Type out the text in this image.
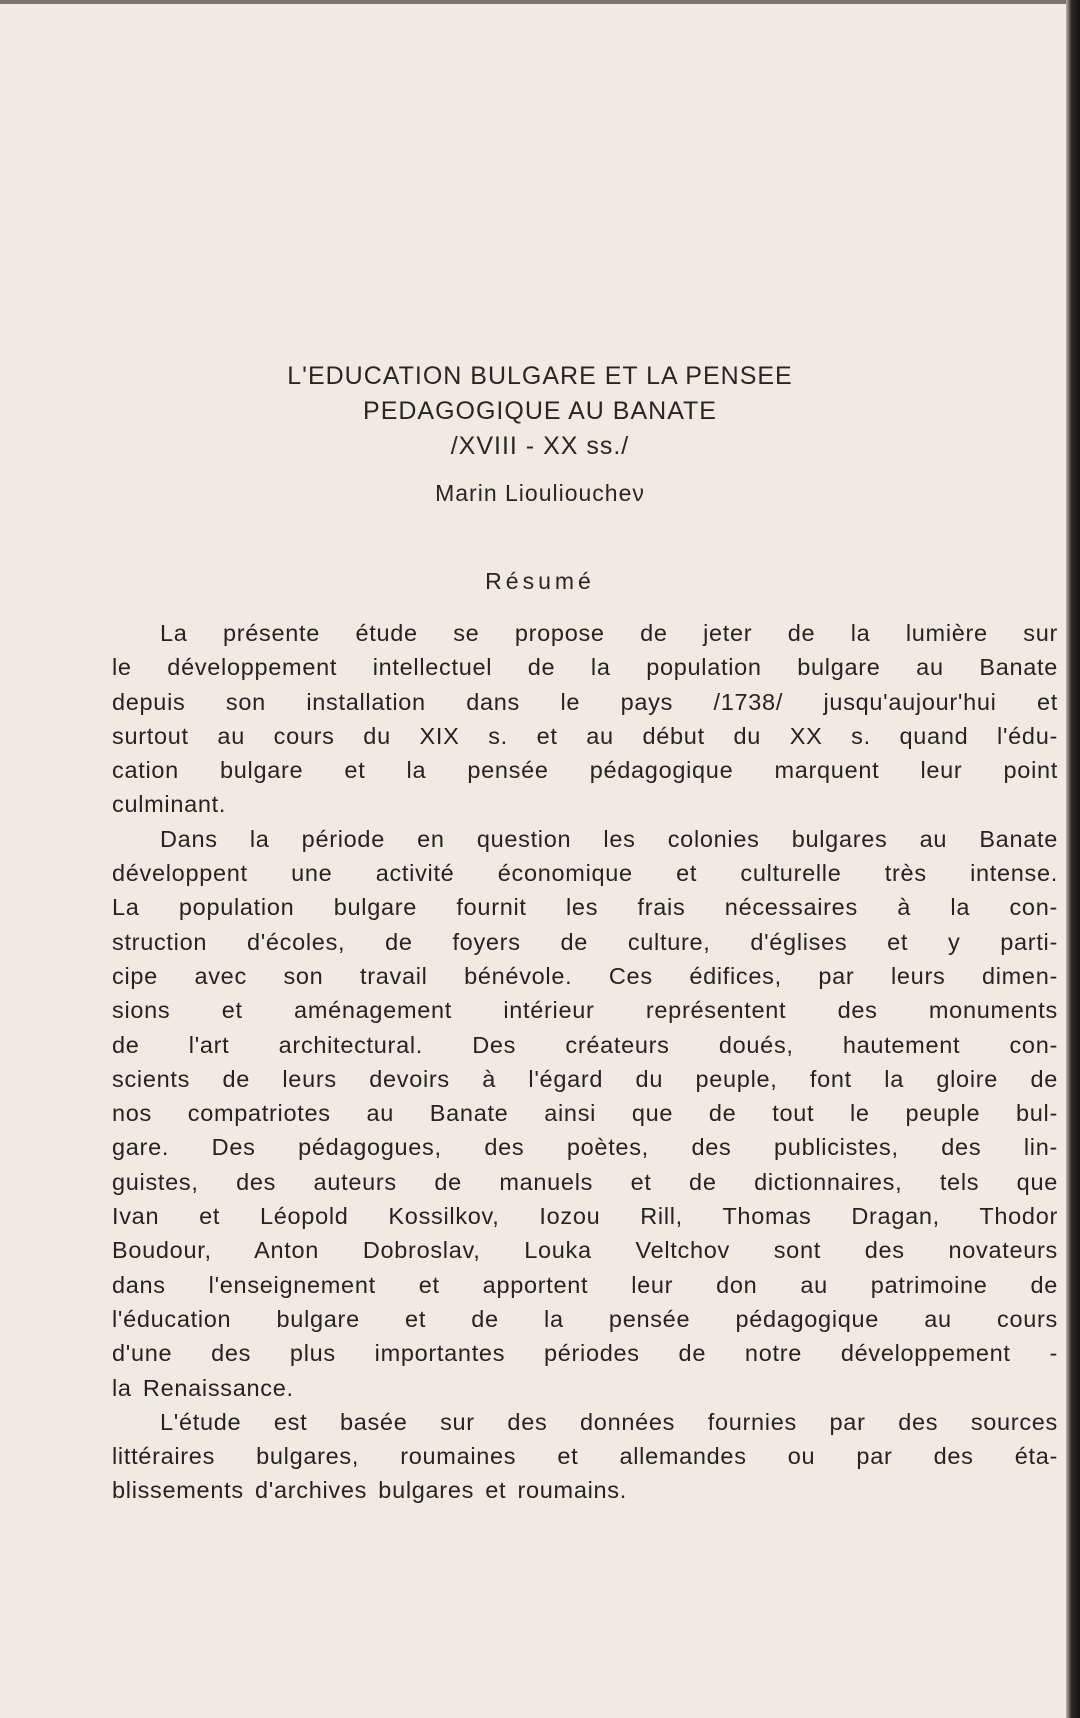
L'EDUCATION BULGARE ET LA PENSEE
PEDAGOGIQUE AU BANATE
/XVIII - XX ss./
Marin Lioulioucheν
Résumé
La présente étude se propose de jeter de la lumière sur
le développement intellectuel de la population bulgare au Banate
depuis son installation dans le pays /1738/ jusqu'aujour'hui et
surtout au cours du XIX s. et au début du XX s. quand l'édu-
cation bulgare et la pensée pédagogique marquent leur point
culminant.
Dans la période en question les colonies bulgares au Banate
développent une activité économique et culturelle très intense.
La population bulgare fournit les frais nécessaires à la con-
struction d'écoles, de foyers de culture, d'églises et y parti-
cipe avec son travail bénévole. Ces édifices, par leurs dimen-
sions et aménagement intérieur représentent des monuments
de l'art architectural. Des créateurs doués, hautement con-
scients de leurs devoirs à l'égard du peuple, font la gloire de
nos compatriotes au Banate ainsi que de tout le peuple bul-
gare. Des pédagogues, des poètes, des publicistes, des lin-
guistes, des auteurs de manuels et de dictionnaires, tels que
Ivan et Léopold Kossilkov, Iozou Rill, Thomas Dragan, Thodor
Boudour, Anton Dobroslav, Louka Veltchov sont des novateurs
dans l'enseignement et apportent leur don au patrimoine de
l'éducation bulgare et de la pensée pédagogique au cours
d'une des plus importantes périodes de notre développement -
la Renaissance.
L'étude est basée sur des données fournies par des sources
littéraires bulgares, roumaines et allemandes ou par des éta-
blissements d'archives bulgares et roumains.
